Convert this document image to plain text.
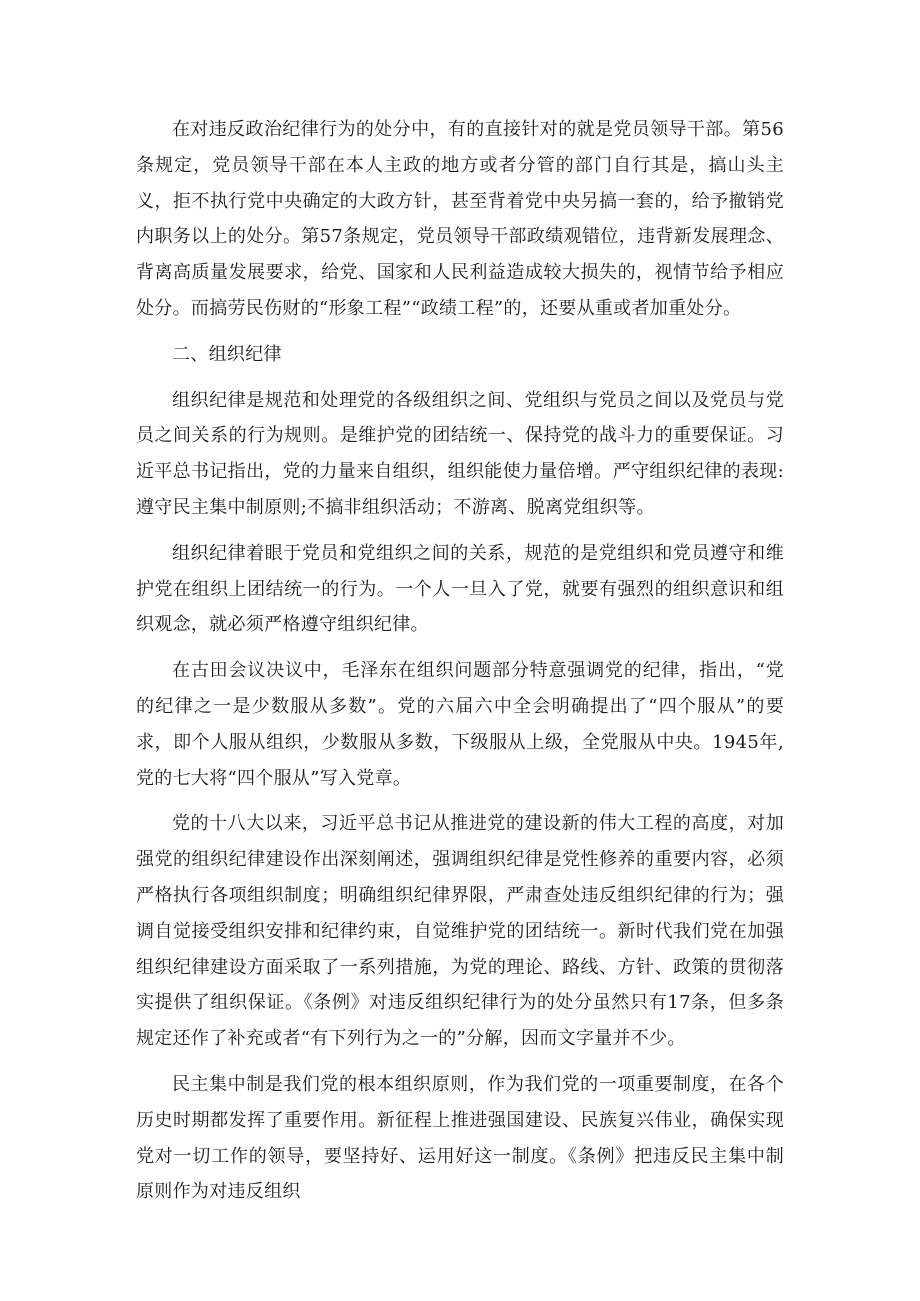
在对违反政治纪律行为的处分中，有的直接针对的就是党员领导干部。第56条规定，党员领导干部在本人主政的地方或者分管的部门自行其是，搞山头主义，拒不执行党中央确定的大政方针，甚至背着党中央另搞一套的，给予撤销党内职务以上的处分。第57条规定，党员领导干部政绩观错位，违背新发展理念、背离高质量发展要求，给党、国家和人民利益造成较大损失的，视情节给予相应处分。而搞劳民伤财的“形象工程”“政绩工程”的，还要从重或者加重处分。

二、组织纪律

组织纪律是规范和处理党的各级组织之间、党组织与党员之间以及党员与党员之间关系的行为规则。是维护党的团结统一、保持党的战斗力的重要保证。习近平总书记指出，党的力量来自组织，组织能使力量倍增。严守组织纪律的表现:遵守民主集中制原则;不搞非组织活动；不游离、脱离党组织等。

组织纪律着眼于党员和党组织之间的关系，规范的是党组织和党员遵守和维护党在组织上团结统一的行为。一个人一旦入了党，就要有强烈的组织意识和组织观念，就必须严格遵守组织纪律。

在古田会议决议中，毛泽东在组织问题部分特意强调党的纪律，指出，“党的纪律之一是少数服从多数”。党的六届六中全会明确提出了“四个服从”的要求，即个人服从组织，少数服从多数，下级服从上级，全党服从中央。1945年,党的七大将“四个服从”写入党章。

党的十八大以来，习近平总书记从推进党的建设新的伟大工程的高度，对加强党的组织纪律建设作出深刻阐述，强调组织纪律是党性修养的重要内容，必须严格执行各项组织制度；明确组织纪律界限，严肃查处违反组织纪律的行为；强调自觉接受组织安排和纪律约束，自觉维护党的团结统一。新时代我们党在加强组织纪律建设方面采取了一系列措施，为党的理论、路线、方针、政策的贯彻落实提供了组织保证。《条例》对违反组织纪律行为的处分虽然只有17条，但多条规定还作了补充或者“有下列行为之一的”分解，因而文字量并不少。

民主集中制是我们党的根本组织原则，作为我们党的一项重要制度，在各个历史时期都发挥了重要作用。新征程上推进强国建设、民族复兴伟业，确保实现党对一切工作的领导，要坚持好、运用好这一制度。《条例》把违反民主集中制原则作为对违反组织
